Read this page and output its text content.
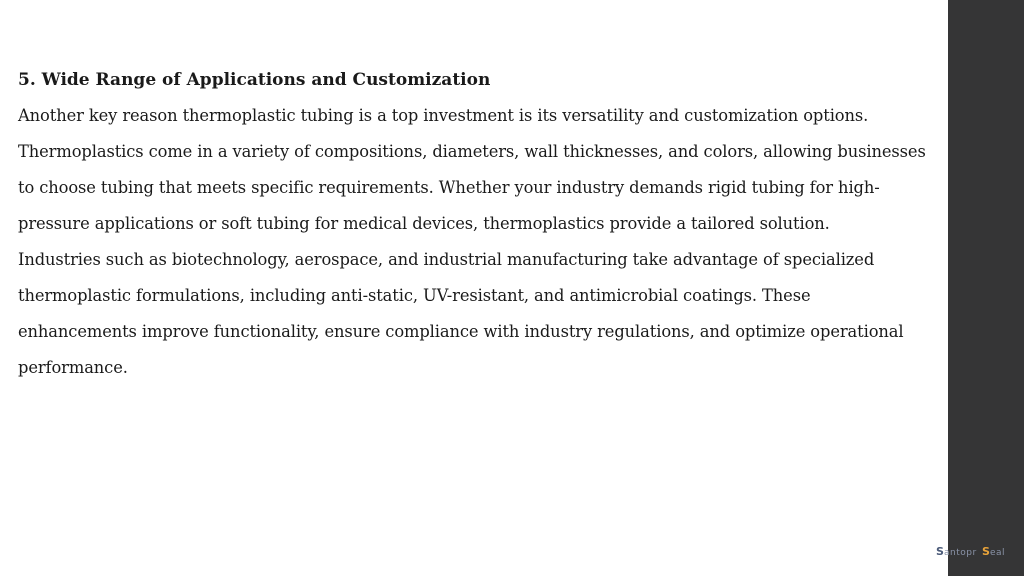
5. Wide Range of Applications and Customization

Another key reason thermoplastic tubing is a top investment is its versatility and customization options. Thermoplastics come in a variety of compositions, diameters, wall thicknesses, and colors, allowing businesses to choose tubing that meets specific requirements. Whether your industry demands rigid tubing for high-pressure applications or soft tubing for medical devices, thermoplastics provide a tailored solution.

Industries such as biotechnology, aerospace, and industrial manufacturing take advantage of specialized thermoplastic formulations, including anti-static, UV-resistant, and antimicrobial coatings. These enhancements improve functionality, ensure compliance with industry regulations, and optimize operational performance.

S antopr S eal
